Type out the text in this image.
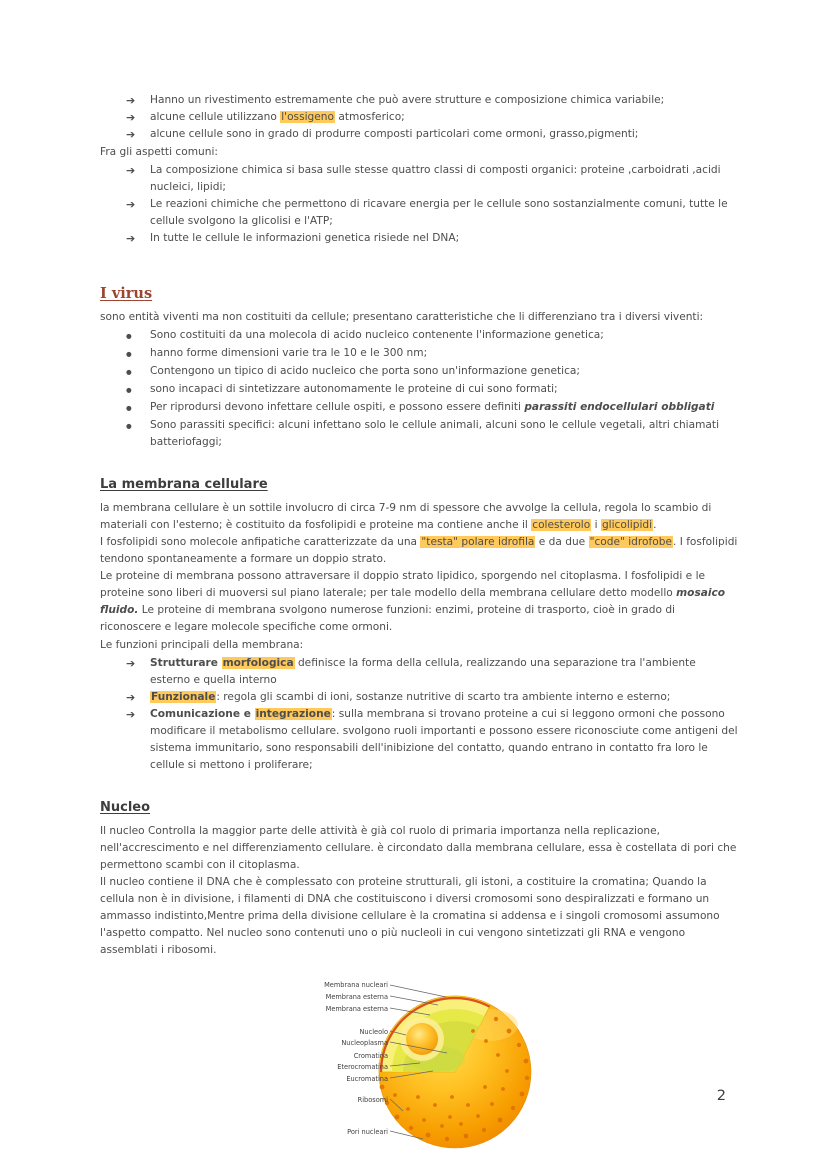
➔	Hanno un rivestimento estremamente che può avere strutture e composizione chimica variabile;
➔	alcune cellule utilizzano l'ossigeno atmosferico;
➔	alcune cellule sono in grado di produrre composti particolari come ormoni, grasso,pigmenti;
Fra gli aspetti comuni:
➔	La composizione chimica si basa sulle stesse quattro classi di composti organici: proteine ,carboidrati ,acidi nucleici, lipidi;
➔	Le reazioni chimiche che permettono di ricavare energia per le cellule sono sostanzialmente comuni, tutte le cellule svolgono la glicolisi e l'ATP;
➔	In tutte le cellule le informazioni genetica risiede nel DNA;
I virus
sono entità viventi ma non costituiti da cellule; presentano caratteristiche che li differenziano tra i diversi viventi:
●	Sono costituiti da una molecola di acido nucleico contenente l'informazione genetica;
●	hanno forme dimensioni varie tra le 10 e le 300 nm;
●	Contengono un tipico di acido nucleico che porta sono un'informazione genetica;
●	sono incapaci di sintetizzare autonomamente le proteine di cui sono formati;
●	Per riprodursi devono infettare cellule ospiti, e possono essere definiti parassiti endocellulari obbligati
●	Sono parassiti specifici: alcuni infettano solo le cellule animali, alcuni sono le cellule vegetali, altri chiamati batteriofaggi;
La membrana cellulare

la membrana cellulare è un sottile involucro di circa 7-9 nm di spessore che avvolge la cellula, regola lo scambio di materiali con l'esterno; è costituito da fosfolipidi e proteine ma contiene anche il colesterolo i glicolipidi.

I fosfolipidi sono molecole anfipatiche caratterizzate da una "testa" polare idrofila e da due "code" idrofobe. I fosfolipidi tendono spontaneamente a formare un doppio strato.

Le proteine di membrana possono attraversare il doppio strato lipidico, sporgendo nel citoplasma. I fosfolipidi e le proteine sono liberi di muoversi sul piano laterale; per tale modello della membrana cellulare detto modello mosaico fluido. Le proteine di membrana svolgono numerose funzioni: enzimi, proteine di trasporto, cioè in grado di riconoscere e legare molecole specifiche come ormoni.

Le funzioni principali della membrana:
➔	Strutturare morfologica definisce la forma della cellula, realizzando una separazione tra l'ambiente esterno e quella interno
➔	Funzionale: regola gli scambi di ioni, sostanze nutritive di scarto tra ambiente interno e esterno;
➔	Comunicazione e integrazione: sulla membrana si trovano proteine a cui si leggono ormoni che possono modificare il metabolismo cellulare. svolgono ruoli importanti e possono essere riconosciute come antigeni del sistema immunitario, sono responsabili dell'inibizione del contatto, quando entrano in contatto fra loro le cellule si mettono i proliferare;
Nucleo

Il nucleo Controlla la maggior parte delle attività è già col ruolo di primaria importanza nella replicazione, nell'accrescimento e nel differenziamento cellulare. è circondato dalla membrana cellulare, essa è costellata di pori che permettono scambi con il citoplasma.

Il nucleo contiene il DNA che è complessato con proteine strutturali, gli istoni, a costituire la cromatina; Quando la cellula non è in divisione, i filamenti di DNA che costituiscono i diversi cromosomi sono despiralizzati e formano un ammasso indistinto,Mentre prima della divisione cellulare è la cromatina si addensa e i singoli cromosomi assumono l'aspetto compatto. Nel nucleo sono contenuti uno o più nucleoli in cui vengono sintetizzati gli RNA e vengono assemblati i ribosomi.

Membrana nucleari
Membrana esterna
Membrana esterna
Nucleolo
Nucleoplasma
Cromatina
Eterocromatina
Eucromatina
Ribosomi
Pori nucleari
2
